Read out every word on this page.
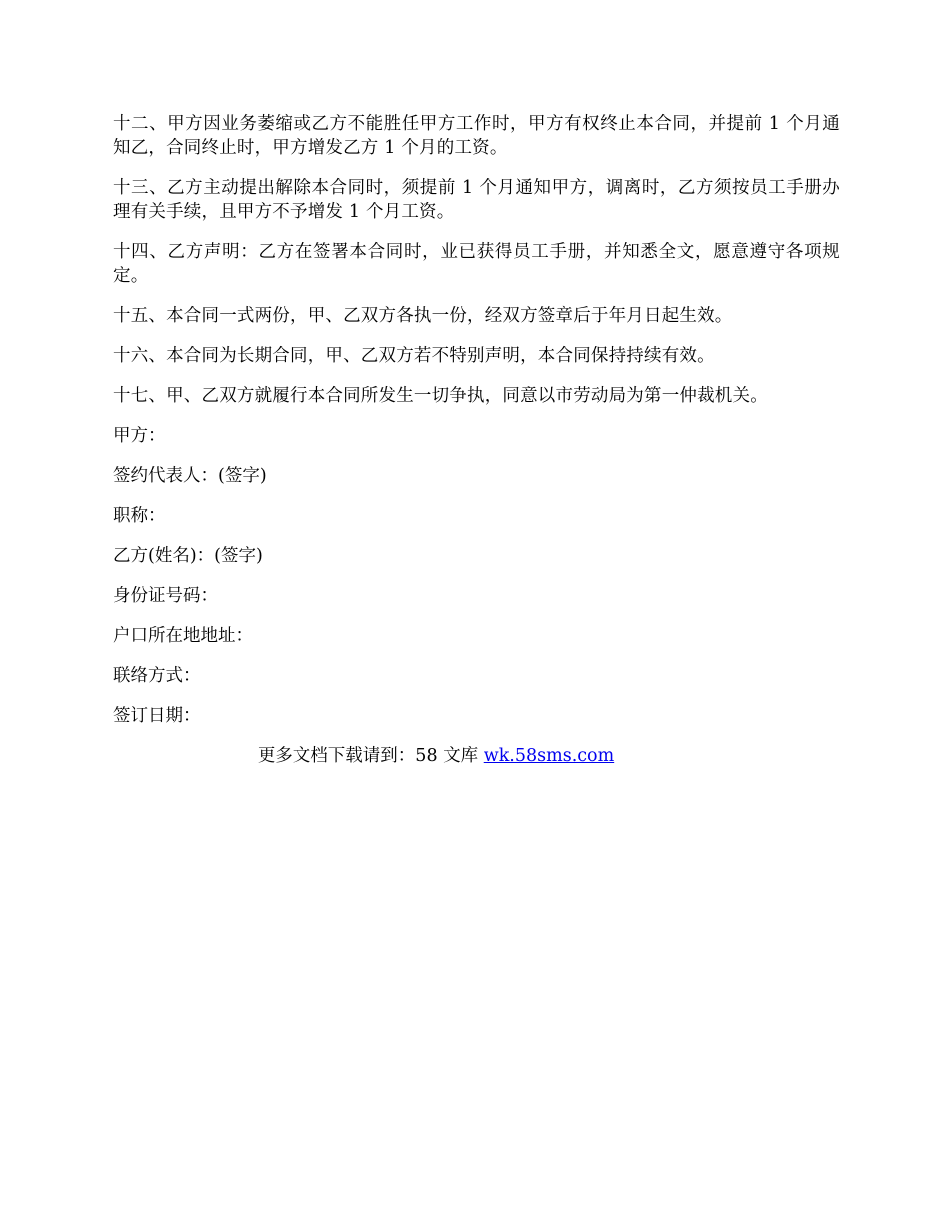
十二、甲方因业务萎缩或乙方不能胜任甲方工作时，甲方有权终止本合同，并提前 1 个月通知乙，合同终止时，甲方增发乙方 1 个月的工资。

十三、乙方主动提出解除本合同时，须提前 1 个月通知甲方，调离时，乙方须按员工手册办理有关手续，且甲方不予增发 1 个月工资。

十四、乙方声明：乙方在签署本合同时，业已获得员工手册，并知悉全文，愿意遵守各项规定。

十五、本合同一式两份，甲、乙双方各执一份，经双方签章后于年月日起生效。

十六、本合同为长期合同，甲、乙双方若不特别声明，本合同保持持续有效。

十七、甲、乙双方就履行本合同所发生一切争执，同意以市劳动局为第一仲裁机关。

甲方：

签约代表人：(签字)

职称：

乙方(姓名)：(签字)

身份证号码：

户口所在地地址：

联络方式：

签订日期：

更多文档下载请到：58 文库 wk.58sms.com
